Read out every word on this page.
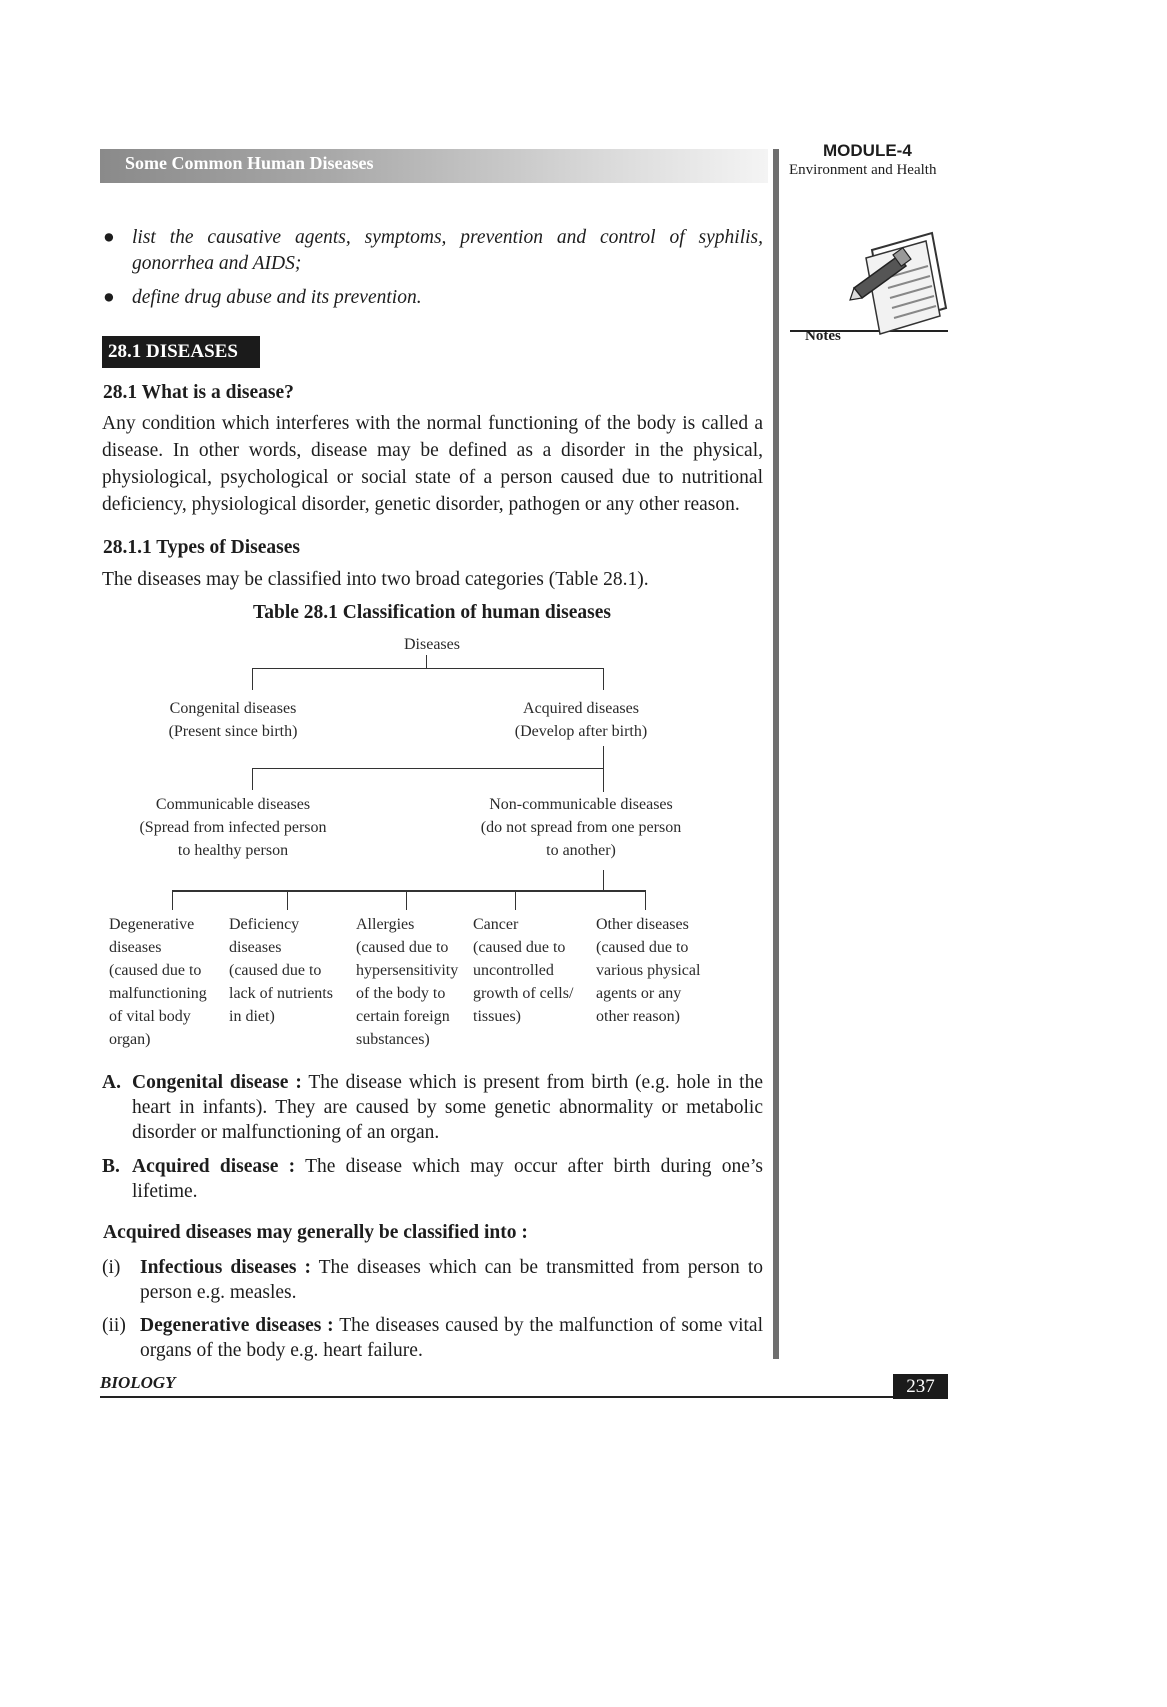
Some Common Human Diseases
MODULE-4
Environment and Health
Notes
● list the causative agents, symptoms, prevention and control of syphilis, gonorrhea and AIDS;
● define drug abuse and its prevention.
28.1 DISEASES
28.1 What is a disease?
Any condition which interferes with the normal functioning of the body is called a disease. In other words, disease may be defined as a disorder in the physical, physiological, psychological or social state of a person caused due to nutritional deficiency, physiological disorder, genetic disorder, pathogen or any other reason.
28.1.1 Types of Diseases
The diseases may be classified into two broad categories (Table 28.1).
Table 28.1 Classification of human diseases
Diseases
Congenital diseases
(Present since birth)
Acquired diseases
(Develop after birth)
Communicable diseases
(Spread from infected person
to healthy person
Non-communicable diseases
(do not spread from one person
to another)
Degenerative
diseases
(caused due to
malfunctioning
of vital body
organ)
Deficiency
diseases
(caused due to
lack of nutrients
in diet)
Allergies
(caused due to
hypersensitivity
of the body to
certain foreign
substances)
Cancer
(caused due to
uncontrolled
growth of cells/
tissues)
Other diseases
(caused due to
various physical
agents or any
other reason)
A. Congenital disease : The disease which is present from birth (e.g. hole in the heart in infants). They are caused by some genetic abnormality or metabolic disorder or malfunctioning of an organ.
B. Acquired disease : The disease which may occur after birth during one’s lifetime.
Acquired diseases may generally be classified into :
(i) Infectious diseases : The diseases which can be transmitted from person to person e.g. measles.
(ii) Degenerative diseases : The diseases caused by the malfunction of some vital organs of the body e.g. heart failure.
BIOLOGY	237
